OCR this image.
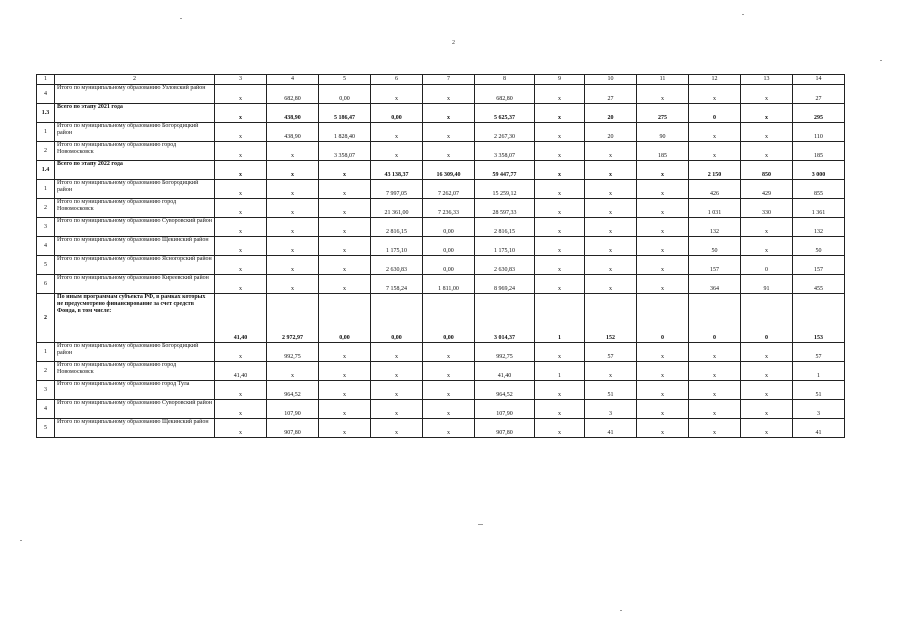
2
1	2	3	4	5	6	7	8	9	10	11	12	13	14
4	Итого по муниципальному образованию Узловский район	х	682,80	0,00	х	х	682,80	х	27	х	х	х	27
1.3	Всего по этапу 2021 года	х	438,90	5 186,47	0,00	х	5 625,37	х	20	275	0	х	295
1	Итого по муниципальному образованию Богородицкий район	х	438,90	1 828,40	х	х	2 267,30	х	20	90	х	х	110
2	Итого по муниципальному образованию город Новомосковск	х	х	3 358,07	х	х	3 358,07	х	х	185	х	х	185
1.4	Всего по этапу 2022 года	х	х	х	43 138,37	16 309,40	59 447,77	х	х	х	2 150	850	3 000
1	Итого по муниципальному образованию Богородицкий район	х	х	х	7 997,05	7 262,07	15 259,12	х	х	х	426	429	855
2	Итого по муниципальному образованию город Новомосковск	х	х	х	21 361,00	7 236,33	28 597,33	х	х	х	1 031	330	1 361
3	Итого по муниципальному образованию Суворовский район	х	х	х	2 816,15	0,00	2 816,15	х	х	х	132	х	132
4	Итого по муниципальному образованию Щекинский район	х	х	х	1 175,10	0,00	1 175,10	х	х	х	50	х	50
5	Итого по муниципальному образованию Ясногорский район	х	х	х	2 630,83	0,00	2 630,83	х	х	х	157	0	157
6	Итого по муниципальному образованию Киреевский район	х	х	х	7 158,24	1 811,00	8 969,24	х	х	х	364	91	455
2	По иным программам субъекта РФ, в рамках которых не предусмотрено финансирование за счет средств Фонда, в том числе:	41,40	2 972,97	0,00	0,00	0,00	3 014,37	1	152	0	0	0	153
1	Итого по муниципальному образованию Богородицкий район	х	992,75	х	х	х	992,75	х	57	х	х	х	57
2	Итого по муниципальному образованию город Новомосковск	41,40	х	х	х	х	41,40	1	х	х	х	х	1
3	Итого по муниципальному образованию город Тула	х	964,52	х	х	х	964,52	х	51	х	х	х	51
4	Итого по муниципальному образованию Суворовский район	х	107,90	х	х	х	107,90	х	3	х	х	х	3
5	Итого по муниципальному образованию Щекинский район	х	907,80	х	х	х	907,80	х	41	х	х	х	41
